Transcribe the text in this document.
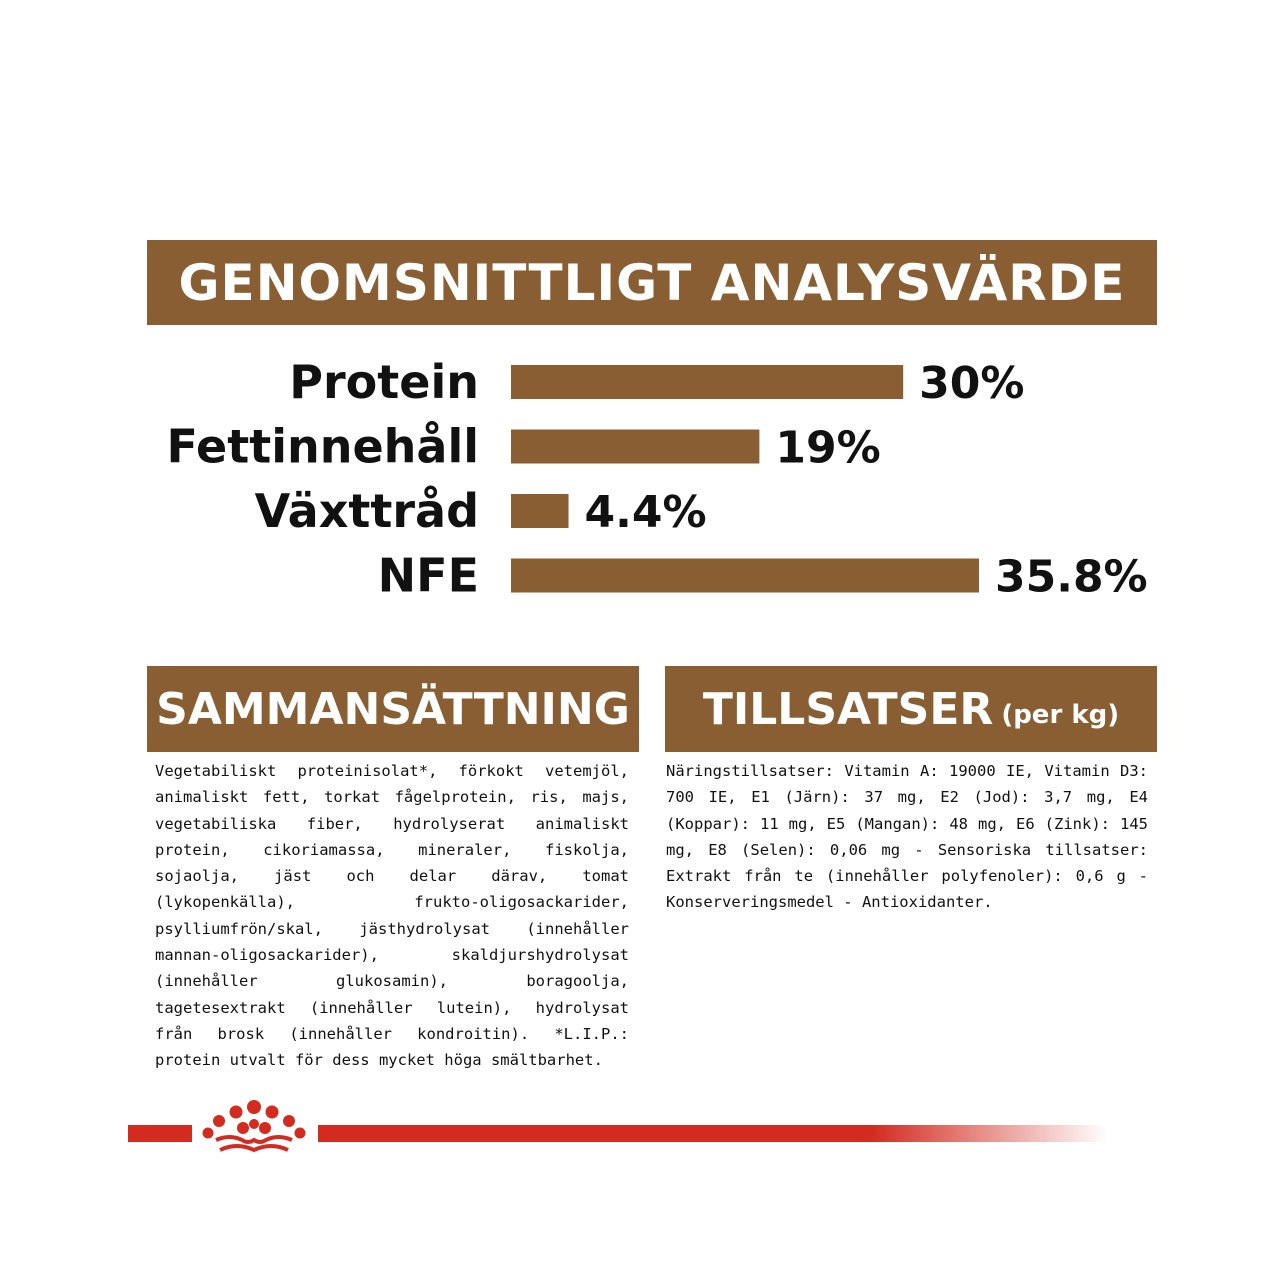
GENOMSNITTLIGT ANALYSVÄRDE
Protein	30%
Fettinnehåll	19%
Växttråd 4.4%
NFE	35.8%
SAMMANSÄTTNING
Vegetabiliskt proteinisolat*, förkokt vetemjöl, animaliskt fett, torkat fågelprotein, ris, majs, vegetabiliska fiber, hydrolyserat animaliskt protein, cikoriamassa, mineraler, fiskolja, sojaolja, jäst och delar därav, tomat (lykopenkälla), frukto-oligosackarider, psylliumfrön/skal, jästhydrolysat (innehåller mannan-oligosackarider), skaldjurshydrolysat (innehåller glukosamin), boragoolja, tagetesextrakt (innehåller lutein), hydrolysat från brosk (innehåller kondroitin). *L.I.P.: protein utvalt för dess mycket höga smältbarhet.
TILLSATSER (per kg)
Näringstillsatser: Vitamin A: 19000 IE, Vitamin D3: 700 IE, E1 (Järn): 37 mg, E2 (Jod): 3,7 mg, E4 (Koppar): 11 mg, E5 (Mangan): 48 mg, E6 (Zink): 145 mg, E8 (Selen): 0,06 mg - Sensoriska tillsatser: Extrakt från te (innehåller polyfenoler): 0,6 g - Konserveringsmedel - Antioxidanter.
